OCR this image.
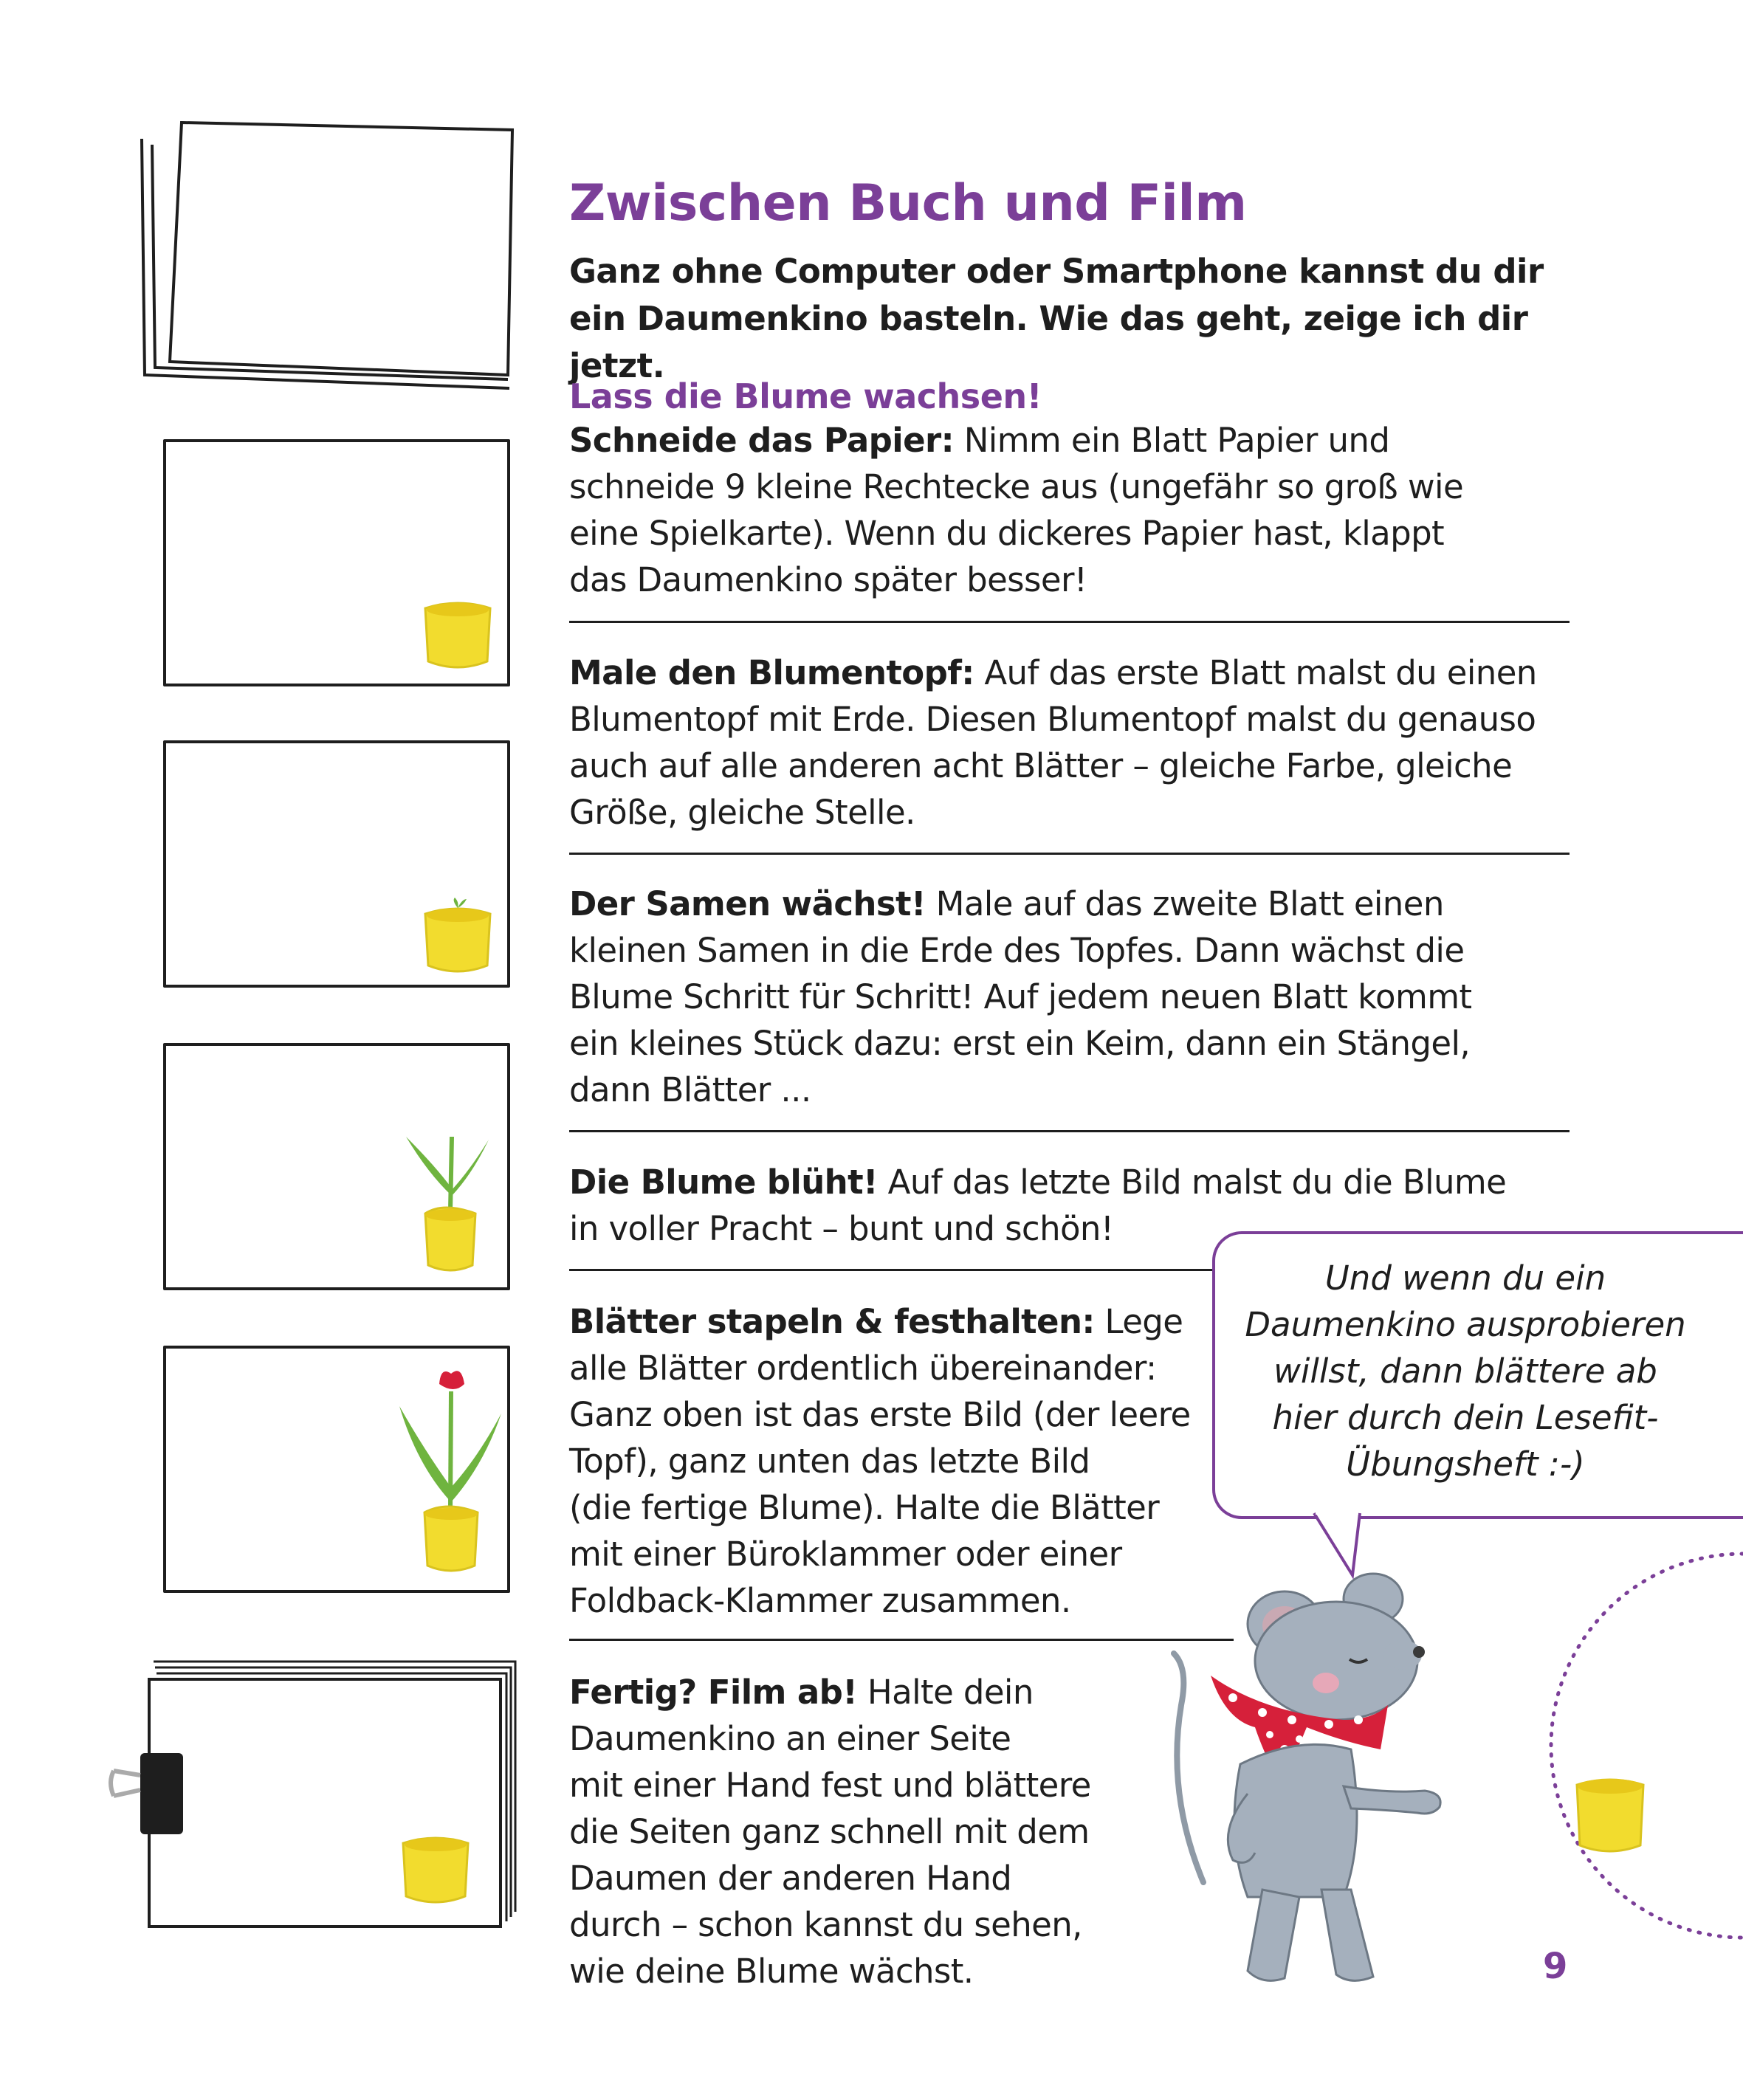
Zwischen Buch und Film
Ganz ohne Computer oder Smartphone kannst du dir
ein Daumenkino basteln. Wie das geht, zeige ich dir jetzt.
Lass die Blume wachsen!
Schneide das Papier: Nimm ein Blatt Papier und
schneide 9 kleine Rechtecke aus (ungefähr so groß wie
eine Spielkarte). Wenn du dickeres Papier hast, klappt
das Daumenkino später besser!
Male den Blumentopf: Auf das erste Blatt malst du einen
Blumentopf mit Erde. Diesen Blumentopf malst du genauso
auch auf alle anderen acht Blätter – gleiche Farbe, gleiche
Größe, gleiche Stelle.
Der Samen wächst! Male auf das zweite Blatt einen
kleinen Samen in die Erde des Topfes. Dann wächst die
Blume Schritt für Schritt! Auf jedem neuen Blatt kommt
ein kleines Stück dazu: erst ein Keim, dann ein Stängel,
dann Blätter ...
Die Blume blüht! Auf das letzte Bild malst du die Blume
in voller Pracht – bunt und schön!
Blätter stapeln & festhalten: Lege
alle Blätter ordentlich übereinander:
Ganz oben ist das erste Bild (der leere
Topf), ganz unten das letzte Bild
(die fertige Blume). Halte die Blätter
mit einer Büroklammer oder einer
Foldback-Klammer zusammen.
Fertig? Film ab! Halte dein
Daumenkino an einer Seite
mit einer Hand fest und blättere
die Seiten ganz schnell mit dem
Daumen der anderen Hand
durch – schon kannst du sehen,
wie deine Blume wächst.
Und wenn du ein
Daumenkino ausprobieren
willst, dann blättere ab
hier durch dein Lesefit-
Übungsheft :-)
9
